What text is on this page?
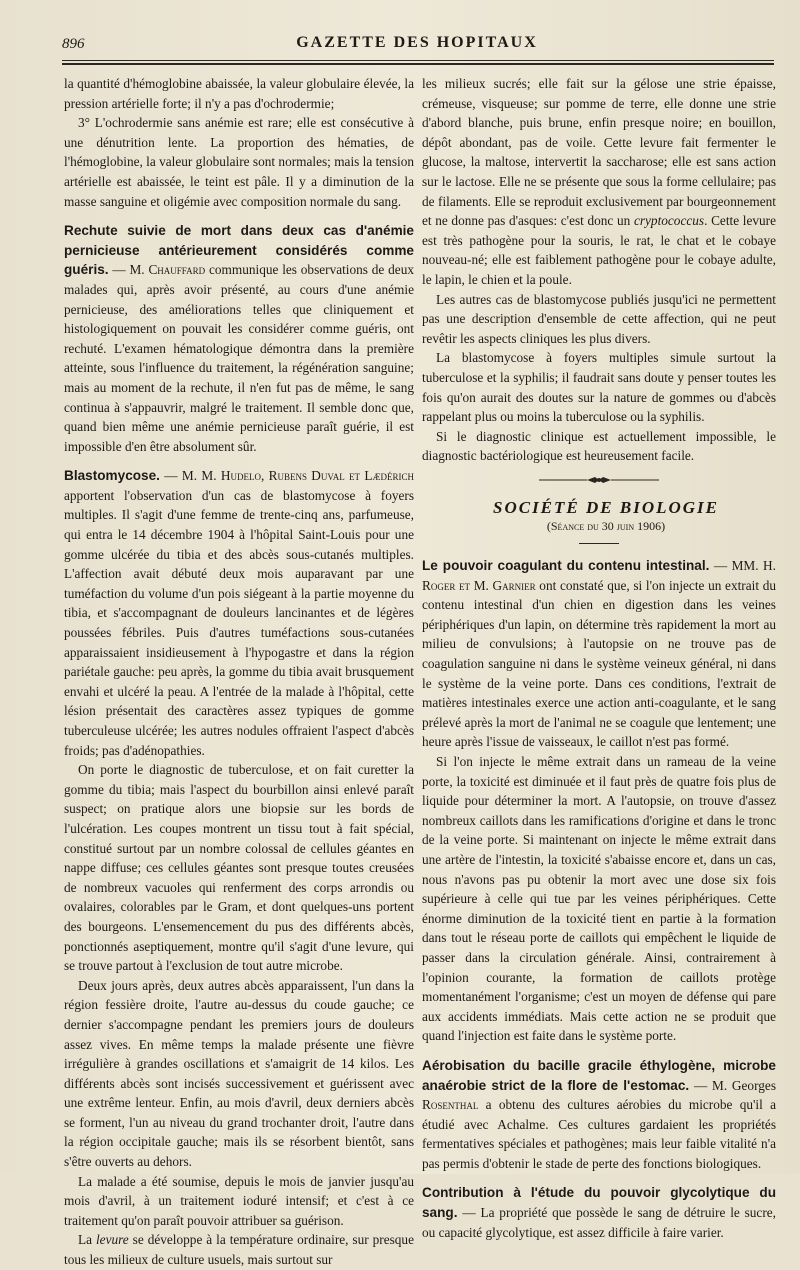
896	GAZETTE DES HOPITAUX

la quantité d'hémoglobine abaissée, la valeur globulaire élevée, la pression artérielle forte; il n'y a pas d'ochrodermie;

3° L'ochrodermie sans anémie est rare; elle est consécutive à une dénutrition lente. La proportion des hématies, de l'hémoglobine, la valeur globulaire sont normales; mais la tension artérielle est abaissée, le teint est pâle. Il y a diminution de la masse sanguine et oligémie avec composition normale du sang.

Rechute suivie de mort dans deux cas d'anémie pernicieuse antérieurement considérés comme guéris. — M. Chauffard communique les observations de deux malades qui, après avoir présenté, au cours d'une anémie pernicieuse, des améliorations telles que cliniquement et histologiquement on pouvait les considérer comme guéris, ont rechuté. L'examen hématologique démontra dans la première atteinte, sous l'influence du traitement, la régénération sanguine; mais au moment de la rechute, il n'en fut pas de même, le sang continua à s'appauvrir, malgré le traitement. Il semble donc que, quand bien même une anémie pernicieuse paraît guérie, il est impossible d'en être absolument sûr.

Blastomycose. — M. M. Hudelo, Rubens Duval et Lædérich apportent l'observation d'un cas de blastomycose à foyers multiples. Il s'agit d'une femme de trente-cinq ans, parfumeuse, qui entra le 14 décembre 1904 à l'hôpital Saint-Louis pour une gomme ulcérée du tibia et des abcès sous-cutanés multiples. L'affection avait débuté deux mois auparavant par une tuméfaction du volume d'un pois siégeant à la partie moyenne du tibia, et s'accompagnant de douleurs lancinantes et de légères poussées fébriles. Puis d'autres tuméfactions sous-cutanées apparaissaient insidieusement à l'hypogastre et dans la région pariétale gauche: peu après, la gomme du tibia avait brusquement envahi et ulcéré la peau. A l'entrée de la malade à l'hôpital, cette lésion présentait des caractères assez typiques de gomme tuberculeuse ulcérée; les autres nodules offraient l'aspect d'abcès froids; pas d'adénopathies.

On porte le diagnostic de tuberculose, et on fait curetter la gomme du tibia; mais l'aspect du bourbillon ainsi enlevé paraît suspect; on pratique alors une biopsie sur les bords de l'ulcération. Les coupes montrent un tissu tout à fait spécial, constitué surtout par un nombre colossal de cellules géantes en nappe diffuse; ces cellules géantes sont presque toutes creusées de nombreux vacuoles qui renferment des corps arrondis ou ovalaires, colorables par le Gram, et dont quelques-uns portent des bourgeons. L'ensemencement du pus des différents abcès, ponctionnés aseptiquement, montre qu'il s'agit d'une levure, qui se trouve partout à l'exclusion de tout autre microbe.

Deux jours après, deux autres abcès apparaissent, l'un dans la région fessière droite, l'autre au-dessus du coude gauche; ce dernier s'accompagne pendant les premiers jours de douleurs assez vives. En même temps la malade présente une fièvre irrégulière à grandes oscillations et s'amaigrit de 14 kilos. Les différents abcès sont incisés successivement et guérissent avec une extrême lenteur. Enfin, au mois d'avril, deux derniers abcès se forment, l'un au niveau du grand trochanter droit, l'autre dans la région occipitale gauche; mais ils se résorbent bientôt, sans s'être ouverts au dehors.

La malade a été soumise, depuis le mois de janvier jusqu'au mois d'avril, à un traitement ioduré intensif; et c'est à ce traitement qu'on paraît pouvoir attribuer sa guérison.

La levure se développe à la température ordinaire, sur presque tous les milieux de culture usuels, mais surtout sur

les milieux sucrés; elle fait sur la gélose une strie épaisse, crémeuse, visqueuse; sur pomme de terre, elle donne une strie d'abord blanche, puis brune, enfin presque noire; en bouillon, dépôt abondant, pas de voile. Cette levure fait fermenter le glucose, la maltose, intervertit la saccharose; elle est sans action sur le lactose. Elle ne se présente que sous la forme cellulaire; pas de filaments. Elle se reproduit exclusivement par bourgeonnement et ne donne pas d'asques: c'est donc un cryptococcus. Cette levure est très pathogène pour la souris, le rat, le chat et le cobaye nouveau-né; elle est faiblement pathogène pour le cobaye adulte, le lapin, le chien et la poule.

Les autres cas de blastomycose publiés jusqu'ici ne permettent pas une description d'ensemble de cette affection, qui ne peut revêtir les aspects cliniques les plus divers.

La blastomycose à foyers multiples simule surtout la tuberculose et la syphilis; il faudrait sans doute y penser toutes les fois qu'on aurait des doutes sur la nature de gommes ou d'abcès rappelant plus ou moins la tuberculose ou la syphilis.

Si le diagnostic clinique est actuellement impossible, le diagnostic bactériologique est heureusement facile.

SOCIÉTÉ DE BIOLOGIE

(Séance du 30 juin 1906)

Le pouvoir coagulant du contenu intestinal. — MM. H. Roger et M. Garnier ont constaté que, si l'on injecte un extrait du contenu intestinal d'un chien en digestion dans les veines périphériques d'un lapin, on détermine très rapidement la mort au milieu de convulsions; à l'autopsie on ne trouve pas de coagulation sanguine ni dans le système veineux général, ni dans le système de la veine porte. Dans ces conditions, l'extrait de matières intestinales exerce une action anti-coagulante, et le sang prélevé après la mort de l'animal ne se coagule que lentement; une heure après l'issue de vaisseaux, le caillot n'est pas formé.

Si l'on injecte le même extrait dans un rameau de la veine porte, la toxicité est diminuée et il faut près de quatre fois plus de liquide pour déterminer la mort. A l'autopsie, on trouve d'assez nombreux caillots dans les ramifications d'origine et dans le tronc de la veine porte. Si maintenant on injecte le même extrait dans une artère de l'intestin, la toxicité s'abaisse encore et, dans un cas, nous n'avons pas pu obtenir la mort avec une dose six fois supérieure à celle qui tue par les veines périphériques. Cette énorme diminution de la toxicité tient en partie à la formation dans tout le réseau porte de caillots qui empêchent le liquide de passer dans la circulation générale. Ainsi, contrairement à l'opinion courante, la formation de caillots protège momentanément l'organisme; c'est un moyen de défense qui pare aux accidents immédiats. Mais cette action ne se produit que quand l'injection est faite dans le système porte.

Aérobisation du bacille gracile éthylogène, microbe anaérobie strict de la flore de l'estomac. — M. Georges Rosenthal a obtenu des cultures aérobies du microbe qu'il a étudié avec Achalme. Ces cultures gardaient les propriétés fermentatives spéciales et pathogènes; mais leur faible vitalité n'a pas permis d'obtenir le stade de perte des fonctions biologiques.

Contribution à l'étude du pouvoir glycolytique du sang. — La propriété que possède le sang de détruire le sucre, ou capacité glycolytique, est assez difficile à faire varier.
